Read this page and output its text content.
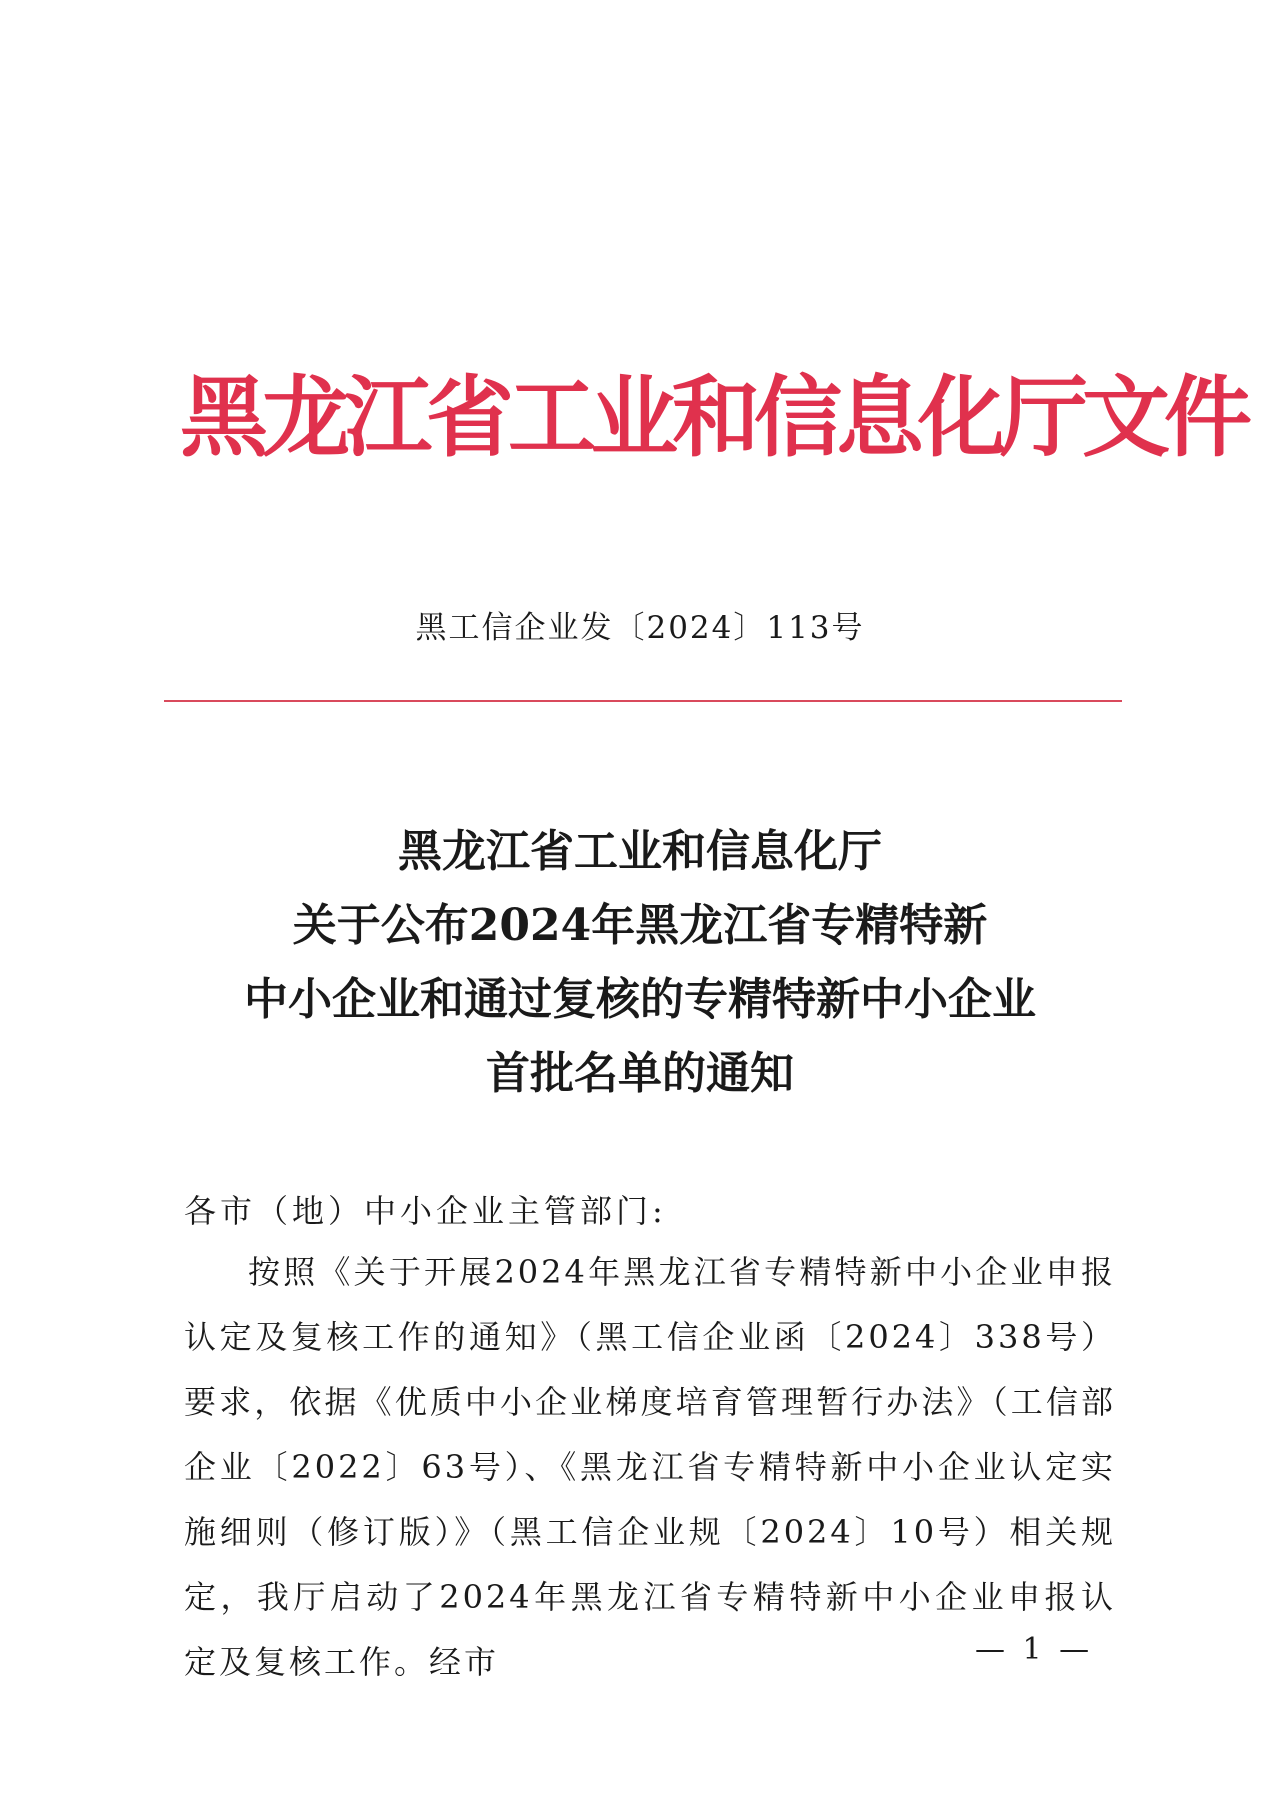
黑龙江省工业和信息化厅文件
黑工信企业发〔2024〕113号
黑龙江省工业和信息化厅
关于公布2024年黑龙江省专精特新
中小企业和通过复核的专精特新中小企业
首批名单的通知
各市（地）中小企业主管部门:
按照《关于开展2024年黑龙江省专精特新中小企业申报认定及复核工作的通知》（黑工信企业函〔2024〕338号）要求，依据《优质中小企业梯度培育管理暂行办法》（工信部企业〔2022〕63号）、《黑龙江省专精特新中小企业认定实施细则（修订版）》（黑工信企业规〔2024〕10号）相关规定，我厅启动了2024年黑龙江省专精特新中小企业申报认定及复核工作。经市	— 1 —
